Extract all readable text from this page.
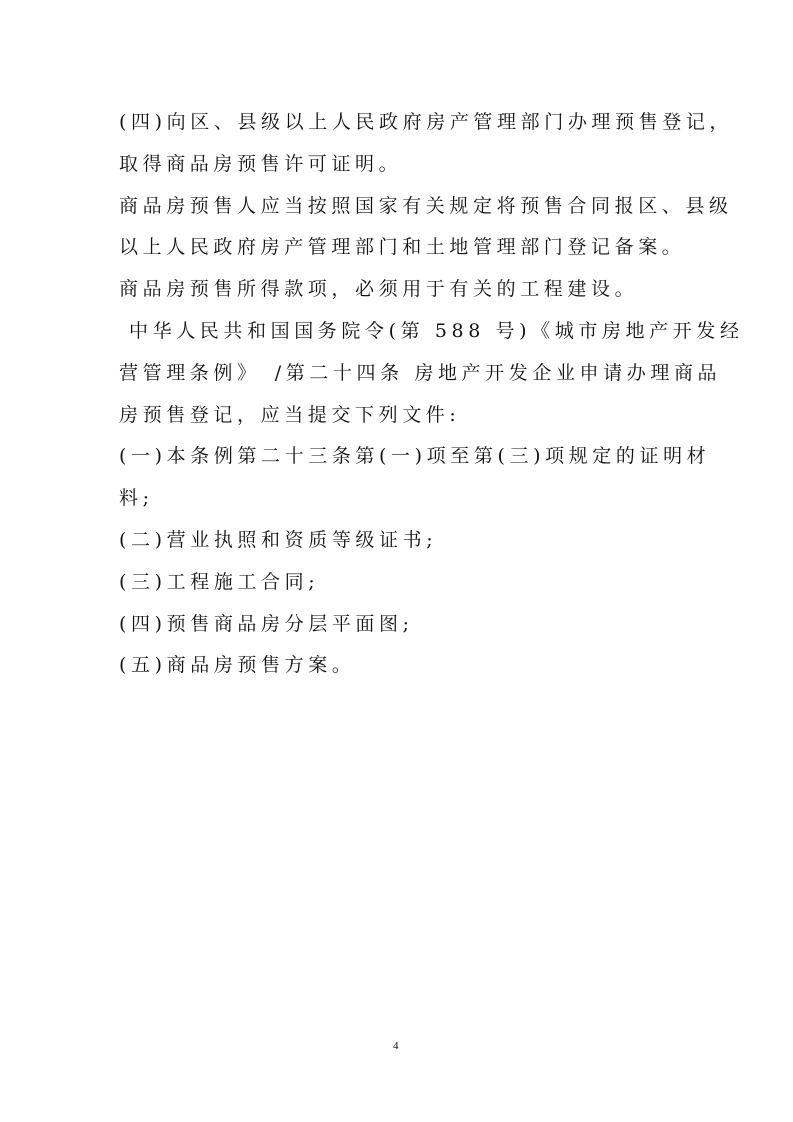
(四)向区、县级以上人民政府房产管理部门办理预售登记，
取得商品房预售许可证明。
商品房预售人应当按照国家有关规定将预售合同报区、县级
以上人民政府房产管理部门和土地管理部门登记备案。
商品房预售所得款项，必须用于有关的工程建设。
中华人民共和国国务院令(第 588 号)《城市房地产开发经
营管理条例》　/第二十四条 房地产开发企业申请办理商品
房预售登记，应当提交下列文件:
(一)本条例第二十三条第(一)项至第(三)项规定的证明材
料;
(二)营业执照和资质等级证书;
(三)工程施工合同;
(四)预售商品房分层平面图;
(五)商品房预售方案。
4
